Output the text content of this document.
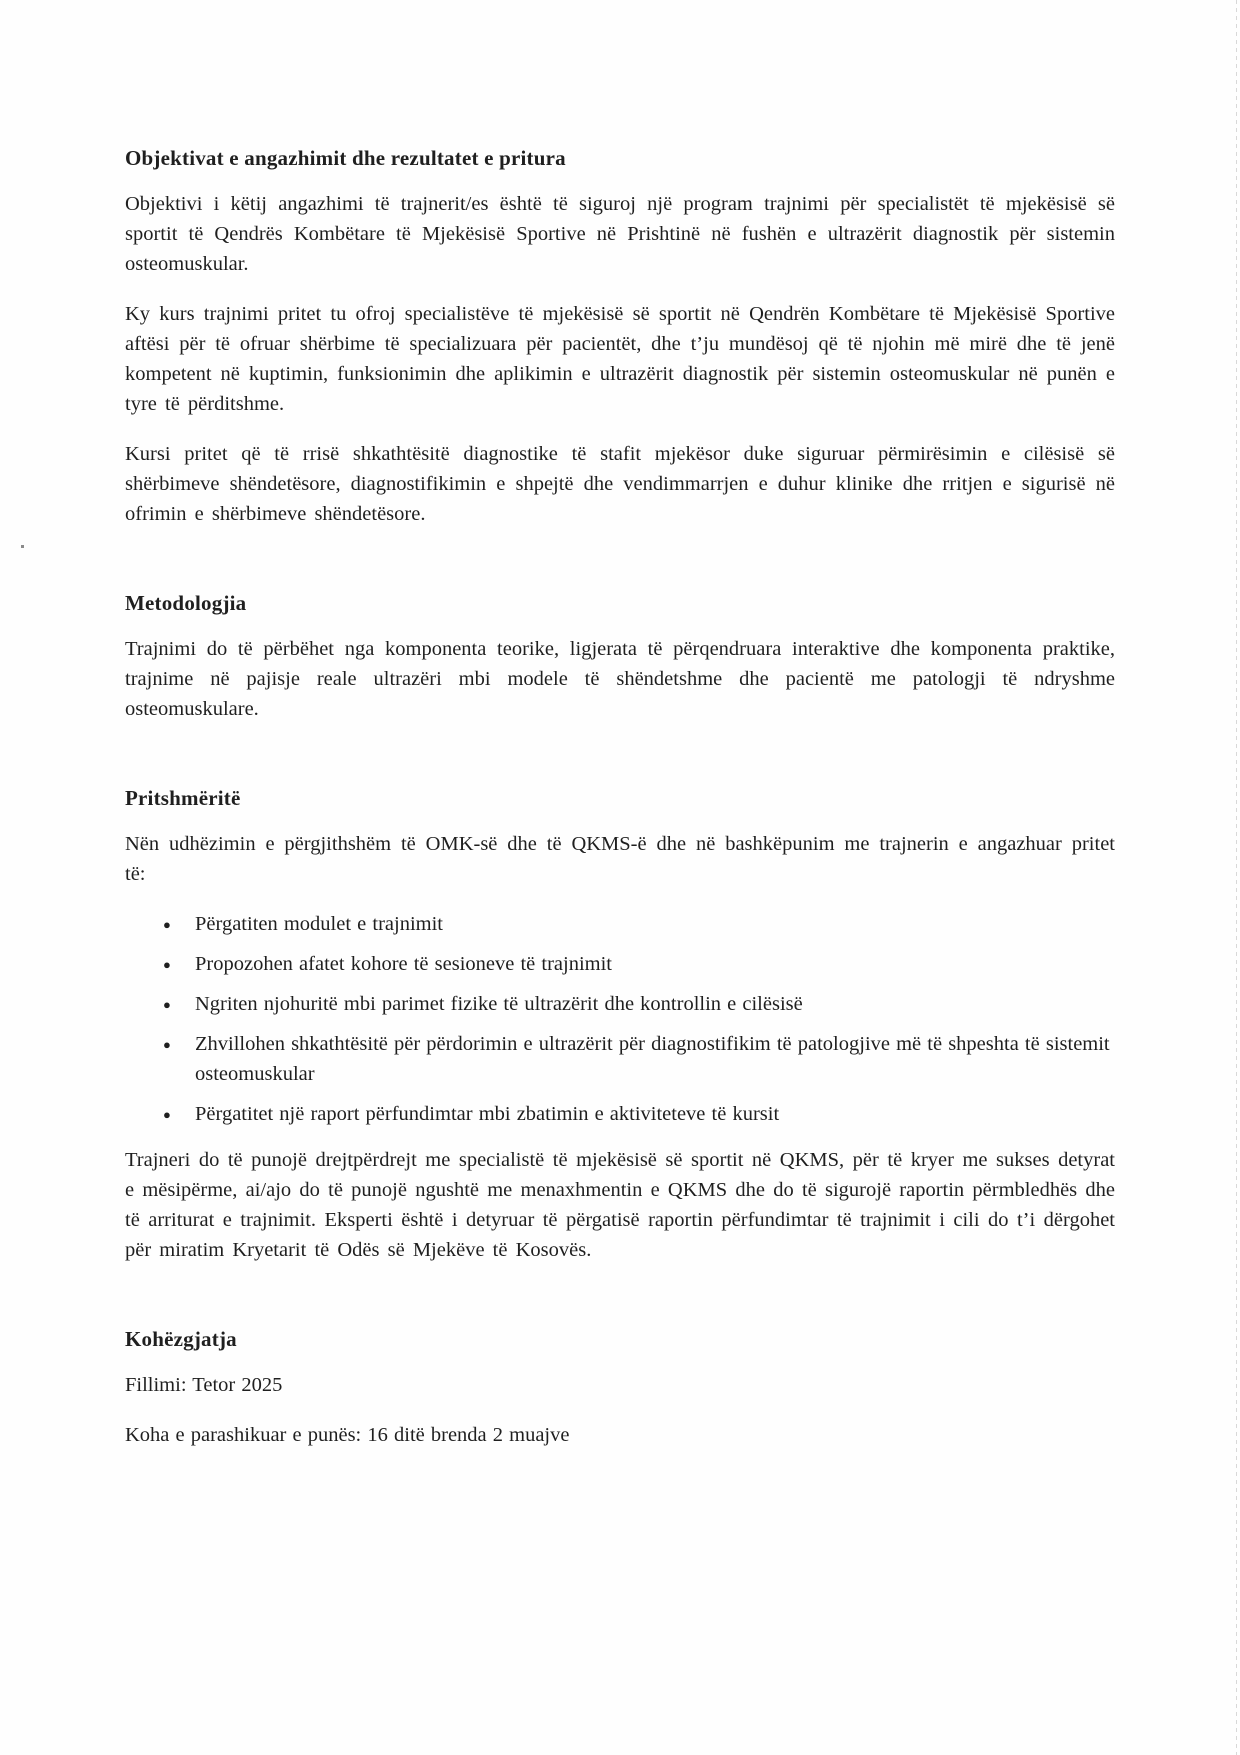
Objektivat e angazhimit dhe rezultatet e pritura

Objektivi i këtij angazhimi të trajnerit/es është të siguroj një program trajnimi për specialistët të mjekësisë së sportit të Qendrës Kombëtare të Mjekësisë Sportive në Prishtinë në fushën e ultrazërit diagnostik për sistemin osteomuskular.

Ky kurs trajnimi pritet tu ofroj specialistëve të mjekësisë së sportit në Qendrën Kombëtare të Mjekësisë Sportive aftësi për të ofruar shërbime të specializuara për pacientët, dhe t’ju mundësoj që të njohin më mirë dhe të jenë kompetent në kuptimin, funksionimin dhe aplikimin e ultrazërit diagnostik për sistemin osteomuskular në punën e tyre të përditshme.

Kursi pritet që të rrisë shkathtësitë diagnostike të stafit mjekësor duke siguruar përmirësimin e cilësisë së shërbimeve shëndetësore, diagnostifikimin e shpejtë dhe vendimmarrjen e duhur klinike dhe rritjen e sigurisë në ofrimin e shërbimeve shëndetësore.

Metodologjia

Trajnimi do të përbëhet nga komponenta teorike, ligjerata të përqendruara interaktive dhe komponenta praktike, trajnime në pajisje reale ultrazëri mbi modele të shëndetshme dhe pacientë me patologji të ndryshme osteomuskulare.

Pritshmëritë

Nën udhëzimin e përgjithshëm të OMK-së dhe të QKMS-ë dhe në bashkëpunim me trajnerin e angazhuar pritet të:

● Përgatiten modulet e trajnimit
● Propozohen afatet kohore të sesioneve të trajnimit
● Ngriten njohuritë mbi parimet fizike të ultrazërit dhe kontrollin e cilësisë
● Zhvillohen shkathtësitë për përdorimin e ultrazërit për diagnostifikim të patologjive më të shpeshta të sistemit osteomuskular
● Përgatitet një raport përfundimtar mbi zbatimin e aktiviteteve të kursit

Trajneri do të punojë drejtpërdrejt me specialistë të mjekësisë së sportit në QKMS, për të kryer me sukses detyrat e mësipërme, ai/ajo do të punojë ngushtë me menaxhmentin e QKMS dhe do të sigurojë raportin përmbledhës dhe të arriturat e trajnimit. Eksperti është i detyruar të përgatisë raportin përfundimtar të trajnimit i cili do t’i dërgohet për miratim Kryetarit të Odës së Mjekëve të Kosovës.

Kohëzgjatja

Fillimi: Tetor 2025

Koha e parashikuar e punës: 16 ditë brenda 2 muajve
